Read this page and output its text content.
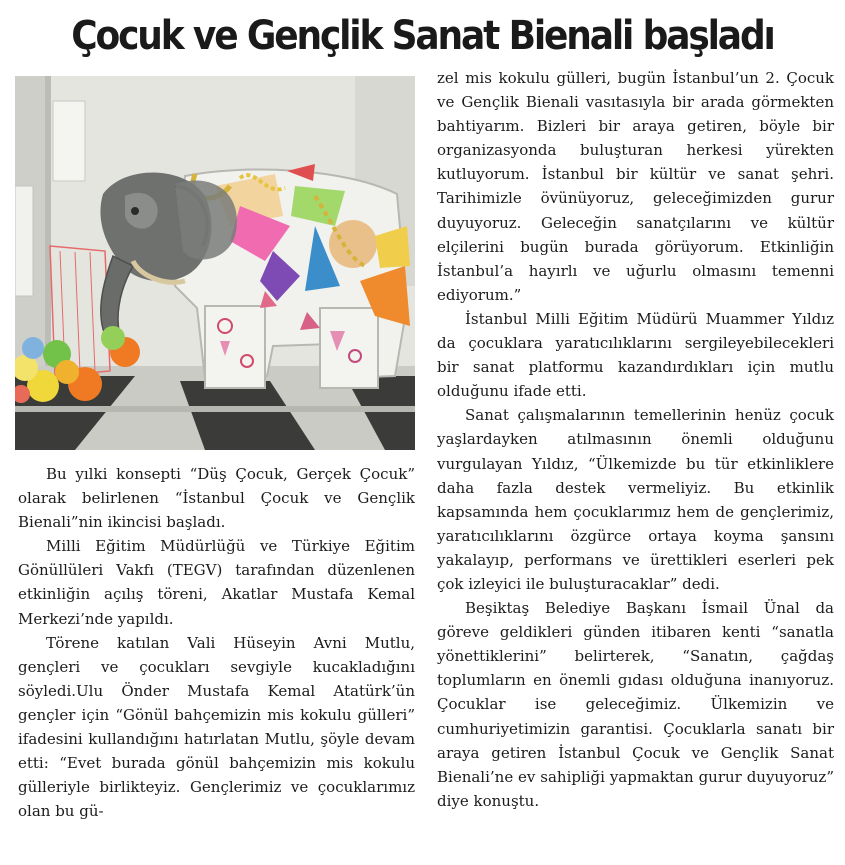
Çocuk ve Gençlik Sanat Bienali başladı

Bu yılki konsepti “Düş Çocuk, Gerçek Çocuk” olarak belirlenen “İstanbul Çocuk ve Gençlik Bienali”nin ikincisi başladı.

Milli Eğitim Müdürlüğü ve Türkiye Eğitim Gönüllüleri Vakfı (TEGV) tarafından düzenlenen etkinliğin açılış töreni, Akatlar Mustafa Kemal Merkezi’nde yapıldı.

Törene katılan Vali Hüseyin Avni Mutlu, gençleri ve çocukları sevgiyle kucakladığını söyledi.Ulu Önder Mustafa Kemal Atatürk’ün gençler için “Gönül bahçemizin mis kokulu gülleri” ifadesini kullandığını hatırlatan Mutlu, şöyle devam etti: “Evet burada gönül bahçemizin mis kokulu gülleriyle birlikteyiz. Gençlerimiz ve çocuklarımız olan bu gü-

zel mis kokulu gülleri, bugün İstanbul’un 2. Çocuk ve Gençlik Bienali vasıtasıyla bir arada görmekten bahtiyarım. Bizleri bir araya getiren, böyle bir organizasyonda buluşturan herkesi yürekten kutluyorum. İstanbul bir kültür ve sanat şehri. Tarihimizle övünüyoruz, geleceğimizden gurur duyuyoruz. Geleceğin sanatçılarını ve kültür elçilerini bugün burada görüyorum. Etkinliğin İstanbul’a hayırlı ve uğurlu olmasını temenni ediyorum.”

İstanbul Milli Eğitim Müdürü Muammer Yıldız da çocuklara yaratıcılıklarını sergileyebilecekleri bir sanat platformu kazandırdıkları için mutlu olduğunu ifade etti.

Sanat çalışmalarının temellerinin henüz çocuk yaşlardayken atılmasının önemli olduğunu vurgulayan Yıldız, “Ülkemizde bu tür etkinliklere daha fazla destek vermeliyiz. Bu etkinlik kapsamında hem çocuklarımız hem de gençlerimiz, yaratıcılıklarını özgürce ortaya koyma şansını yakalayıp, performans ve ürettikleri eserleri pek çok izleyici ile buluşturacaklar” dedi.

Beşiktaş Belediye Başkanı İsmail Ünal da göreve geldikleri günden itibaren kenti “sanatla yönettiklerini” belirterek, “Sanatın, çağdaş toplumların en önemli gıdası olduğuna inanıyoruz. Çocuklar ise geleceğimiz. Ülkemizin ve cumhuriyetimizin garantisi. Çocuklarla sanatı bir araya getiren İstanbul Çocuk ve Gençlik Sanat Bienali’ne ev sahipliği yapmaktan gurur duyuyoruz” diye konuştu.
